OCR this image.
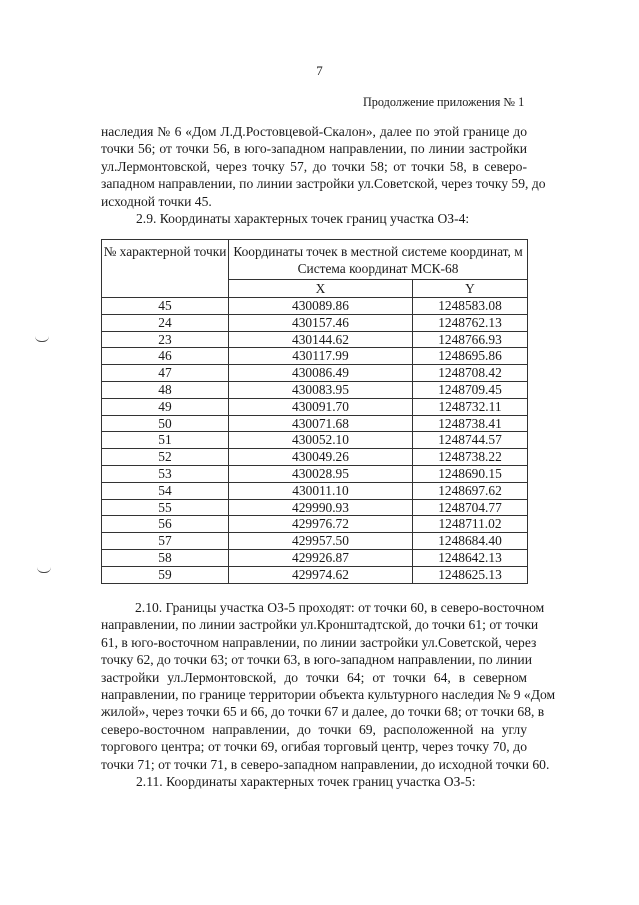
7
Продолжение приложения № 1
наследия № 6 «Дом Л.Д.Ростовцевой-Скалон», далее по этой границе до
точки 56; от точки 56, в юго-западном направлении, по линии застройки
ул.Лермонтовской, через точку 57, до точки 58; от точки 58, в северо-
западном направлении, по линии застройки ул.Советской, через точку 59, до
исходной точки 45.
2.9. Координаты характерных точек границ участка ОЗ-4:
№ характерной точки	Координаты точек в местной системе координат, м
Система координат МСК-68	

	X	Y
45	430089.86	1248583.08
24	430157.46	1248762.13
23	430144.62	1248766.93
46	430117.99	1248695.86
47	430086.49	1248708.42
48	430083.95	1248709.45
49	430091.70	1248732.11
50	430071.68	1248738.41
51	430052.10	1248744.57
52	430049.26	1248738.22
53	430028.95	1248690.15
54	430011.10	1248697.62
55	429990.93	1248704.77
56	429976.72	1248711.02
57	429957.50	1248684.40
58	429926.87	1248642.13
59	429974.62	1248625.13
2.10. Границы участка ОЗ-5 проходят: от точки 60, в северо-восточном
направлении, по линии застройки ул.Кронштадтской, до точки 61; от точки
61, в юго-восточном направлении, по линии застройки ул.Советской, через
точку 62, до точки 63; от точки 63, в юго-западном направлении, по линии
застройки ул.Лермонтовской, до точки 64; от точки 64, в северном
направлении, по границе территории объекта культурного наследия № 9 «Дом
жилой», через точки 65 и 66, до точки 67 и далее, до точки 68; от точки 68, в
северо-восточном направлении, до точки 69, расположенной на углу
торгового центра; от точки 69, огибая торговый центр, через точку 70, до
точки 71; от точки 71, в северо-западном направлении, до исходной точки 60.
2.11. Координаты характерных точек границ участка ОЗ-5:
